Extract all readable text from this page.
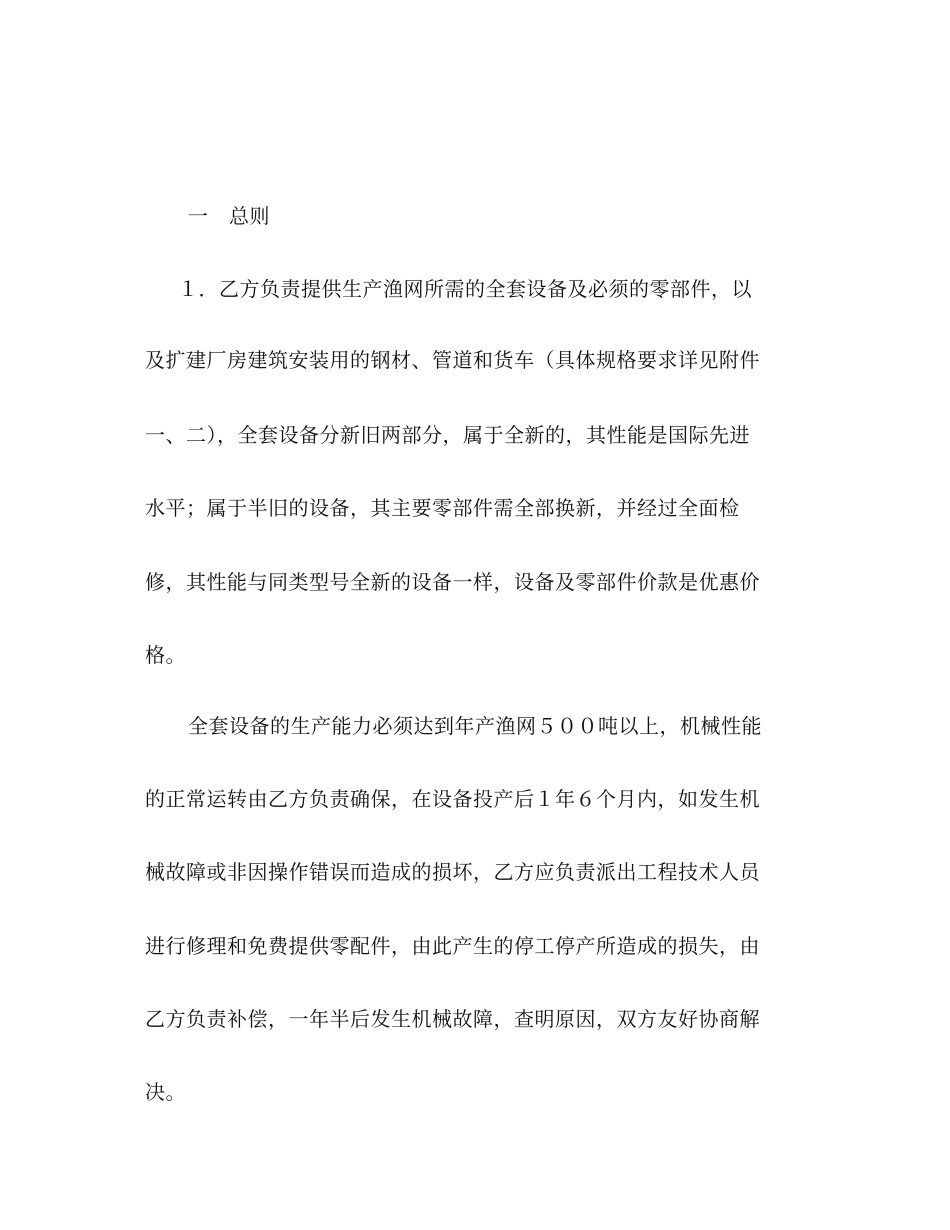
一　总则
１．乙方负责提供生产渔网所需的全套设备及必须的零部件，以
及扩建厂房建筑安装用的钢材、管道和货车（具体规格要求详见附件
一、二），全套设备分新旧两部分，属于全新的，其性能是国际先进
水平；属于半旧的设备，其主要零部件需全部换新，并经过全面检
修，其性能与同类型号全新的设备一样，设备及零部件价款是优惠价
格。
全套设备的生产能力必须达到年产渔网５００吨以上，机械性能
的正常运转由乙方负责确保，在设备投产后１年６个月内，如发生机
械故障或非因操作错误而造成的损坏，乙方应负责派出工程技术人员
进行修理和免费提供零配件，由此产生的停工停产所造成的损失，由
乙方负责补偿，一年半后发生机械故障，查明原因，双方友好协商解
决。
